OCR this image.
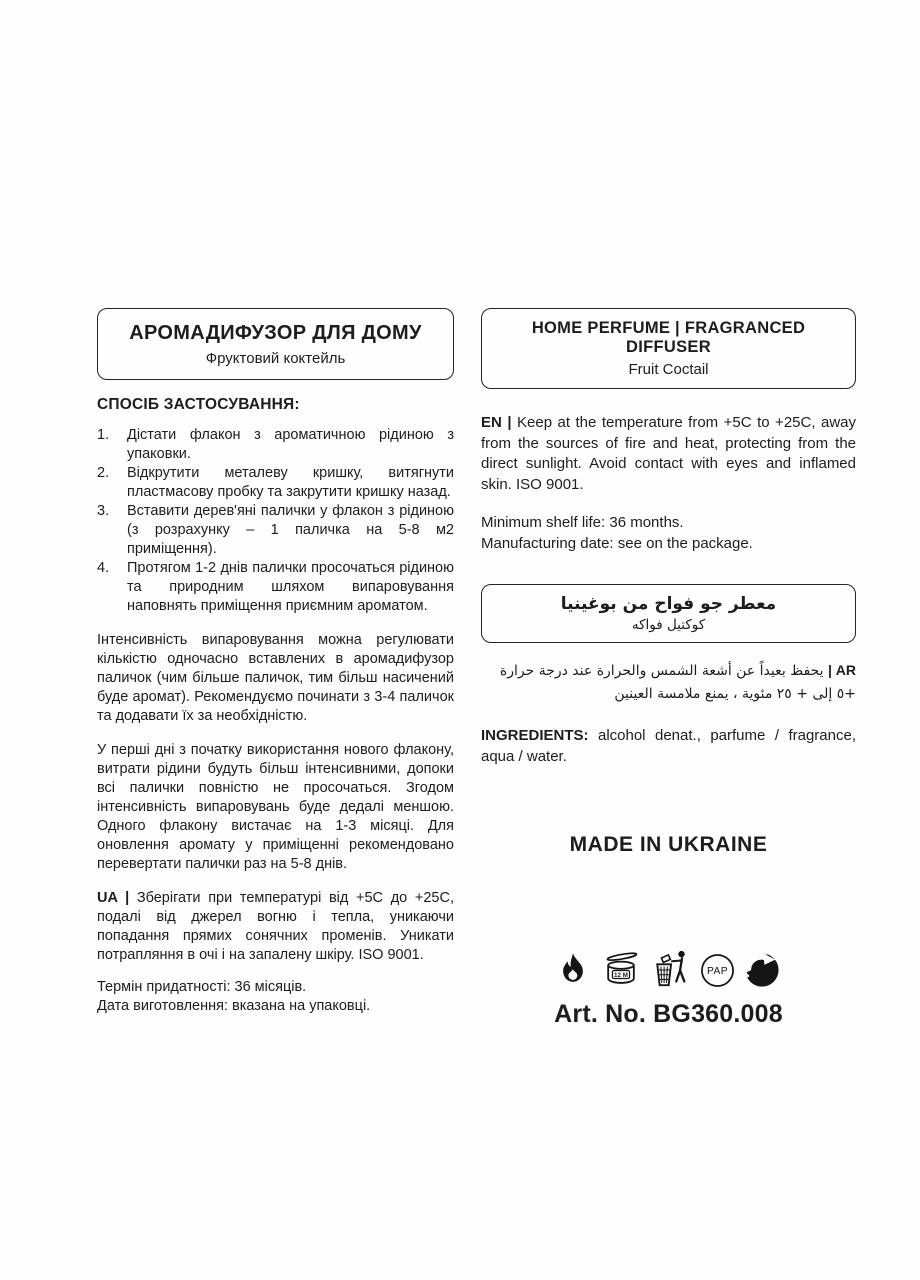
АРОМАДИФУЗОР ДЛЯ ДОМУ
Фруктовий коктейль
СПОСІБ ЗАСТОСУВАННЯ:
1.	Дістати флакон з ароматичною рідиною з упаковки.
2.	Відкрутити металеву кришку, витягнути пластмасову пробку та закрутити кришку назад.
3.	Вставити дерев'яні палички у флакон з рідиною (з розрахунку – 1 паличка на 5-8 м2 приміщення).
4.	Протягом 1-2 днів палички просочаться рідиною та природним шляхом випаровування наповнять приміщення приємним ароматом.
Інтенсивність випаровування можна регулювати кількістю одночасно вставлених в аромадифузор паличок (чим більше паличок, тим більш насичений буде аромат). Рекомендуємо починати з 3-4 паличок та додавати їх за необхідністю.
У перші дні з початку використання нового флакону, витрати рідини будуть більш інтенсивними, допоки всі палички повністю не просочаться. Згодом інтенсивність випаровувань буде дедалі меншою. Одного флакону вистачає на 1-3 місяці. Для оновлення аромату у приміщенні рекомендовано перевертати палички раз на 5-8 днів.
UA | Зберігати при температурі від +5C до +25C, подалі від джерел вогню і тепла, уникаючи попадання прямих сонячних променів. Уникати потрапляння в очі і на запалену шкіру. ISO 9001.
Термін придатності: 36 місяців.
Дата виготовлення: вказана на упаковці.
HOME PERFUME | FRAGRANCED DIFFUSER
Fruit Coctail
EN | Keep at the temperature from +5C to +25C, away from the sources of fire and heat, protecting from the direct sunlight. Avoid contact with eyes and inflamed skin. ISO 9001.
Minimum shelf life: 36 months.
Manufacturing date: see on the package.
معطر جو فواح من بوغينيا
كوكتيل فواكه
AR | يحفظ بعيداً عن أشعة الشمس والحرارة عند درجة حرارة +٥ إلى + ٢٥ مئوية ، يمنع ملامسة العينين
INGREDIENTS: alcohol denat., parfume / fragrance, aqua / water.
MADE IN UKRAINE
12 M	PAP
Art. No. BG360.008
